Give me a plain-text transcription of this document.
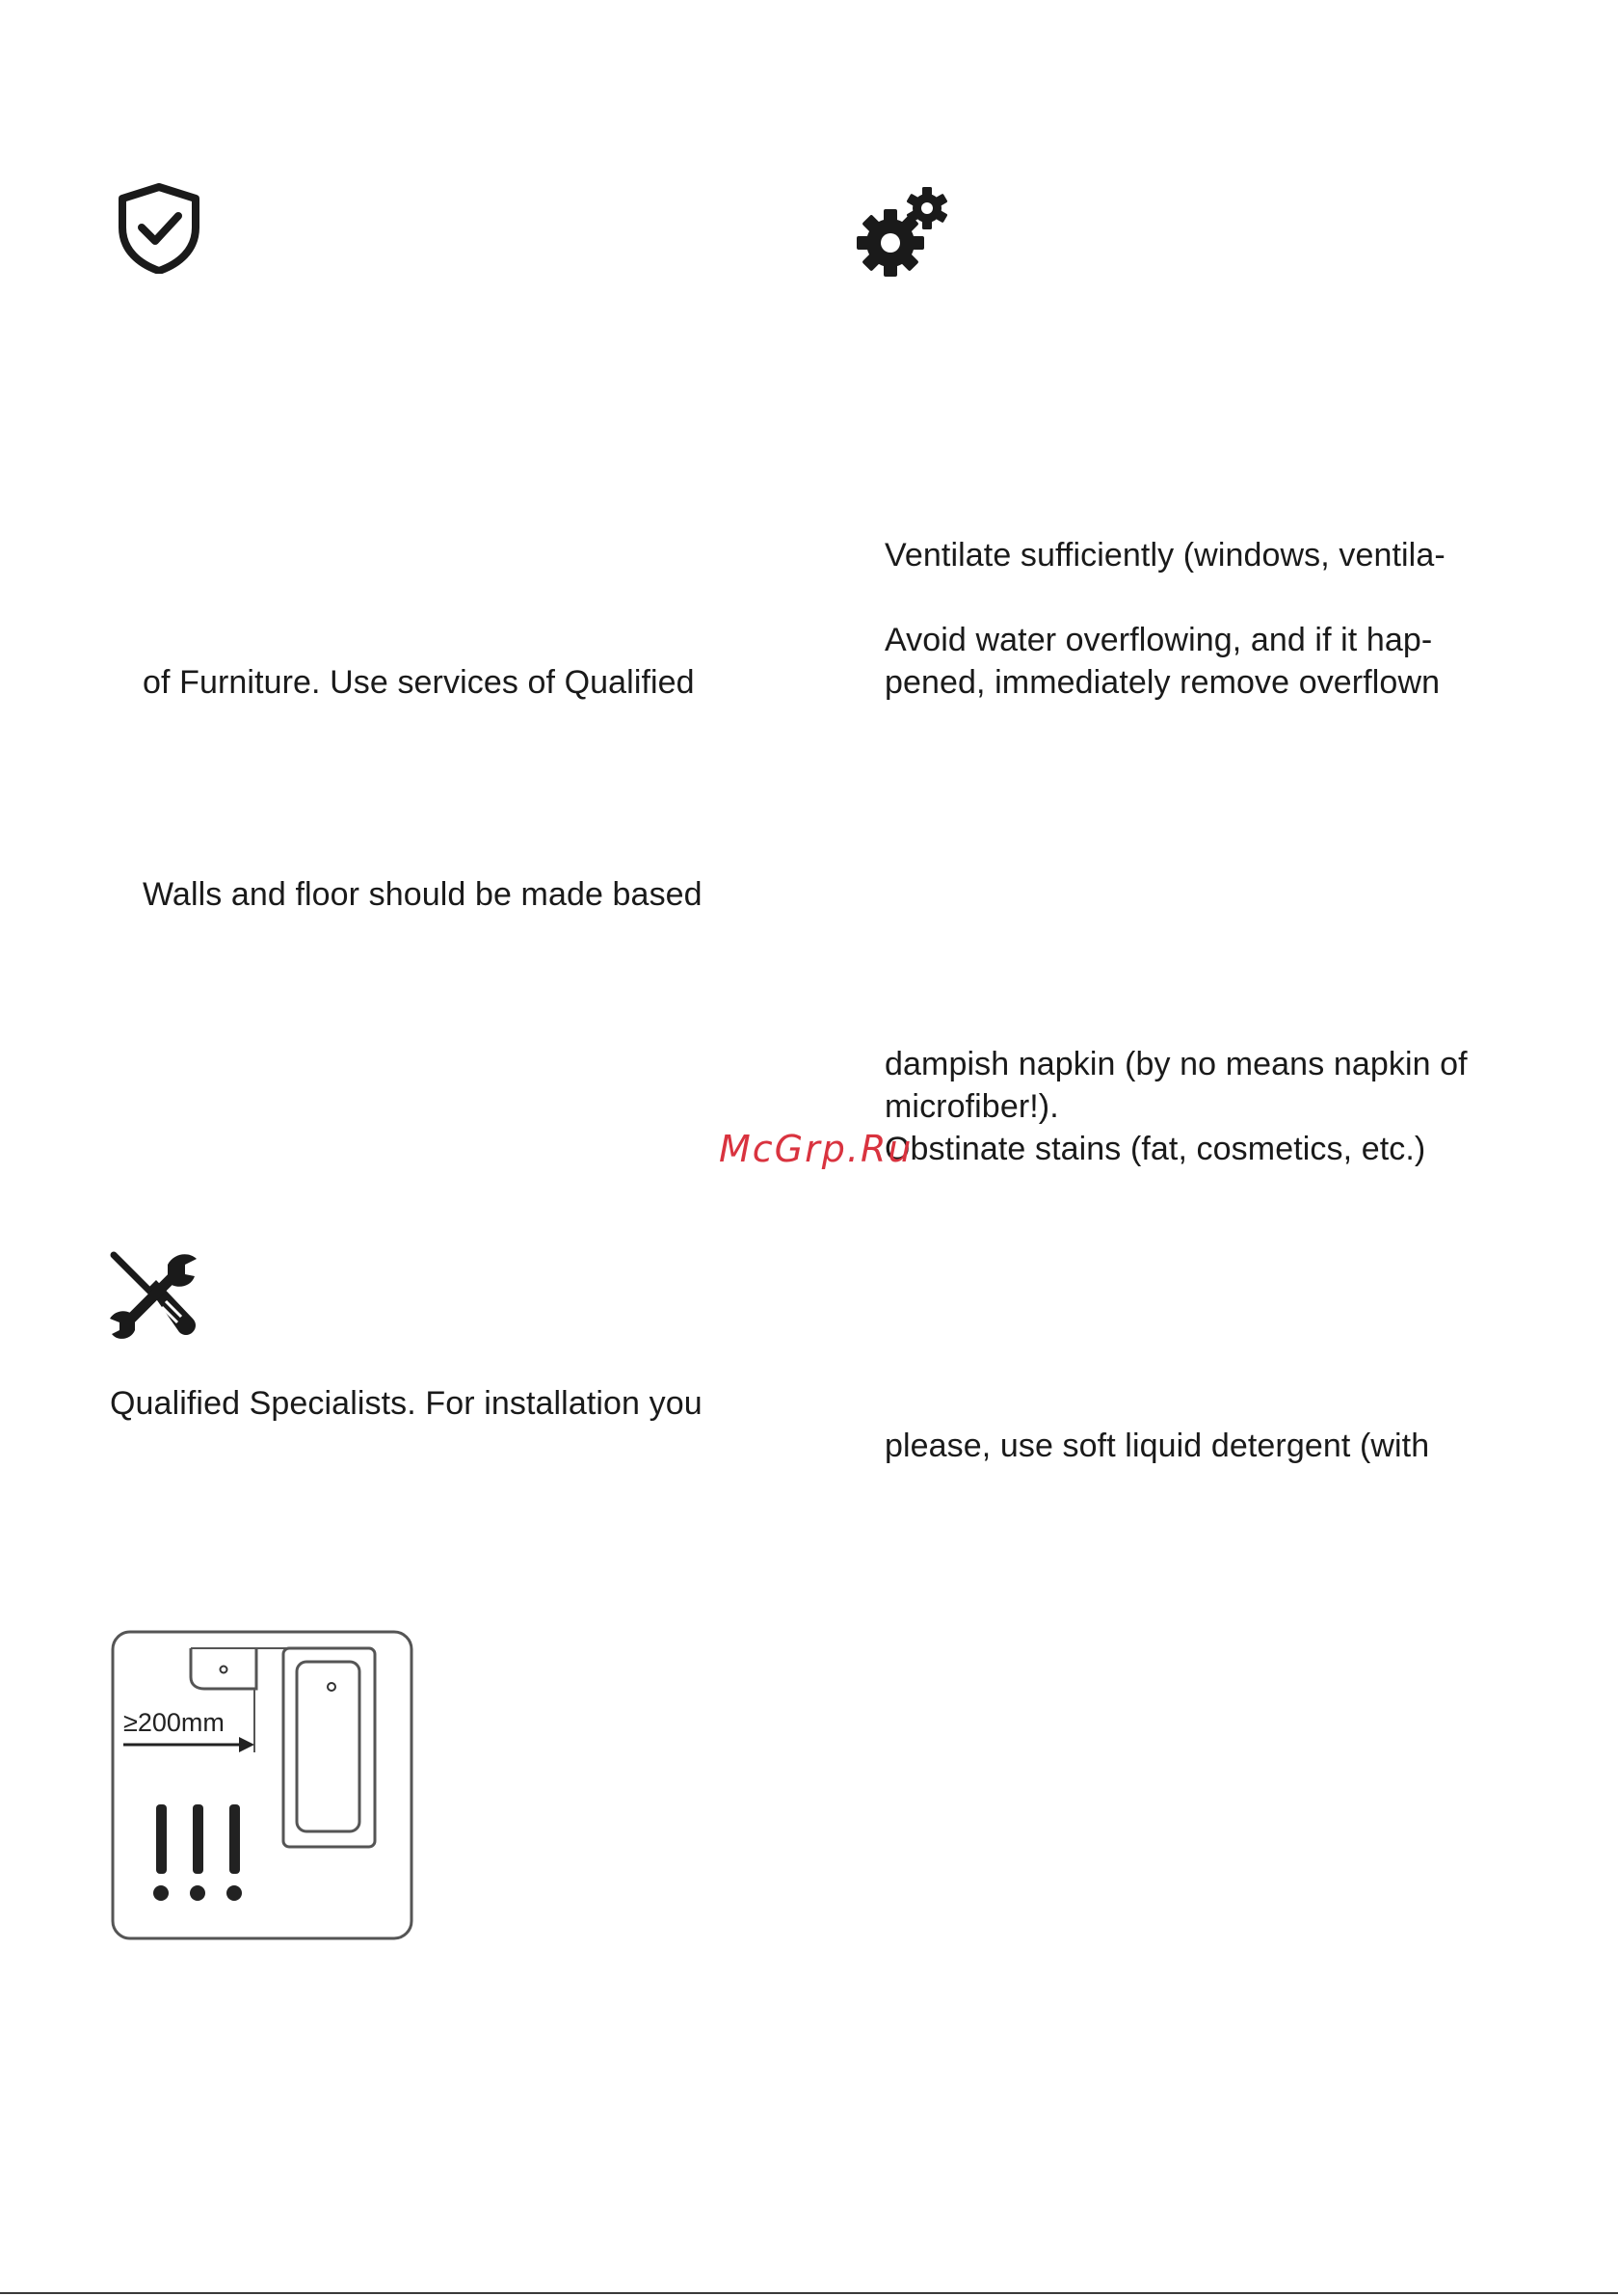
of Furniture. Use services of Qualified
Walls and floor should be made based
Qualified Specialists. For installation you
Ventilate sufficiently (windows, ventila-
Avoid water overflowing, and if it hap-
pened, immediately remove overflown
dampish napkin (by no means napkin of
microfiber!).
Obstinate stains (fat, cosmetics, etc.)
please, use soft liquid detergent (with
McGrp.Ru
≥200mm
